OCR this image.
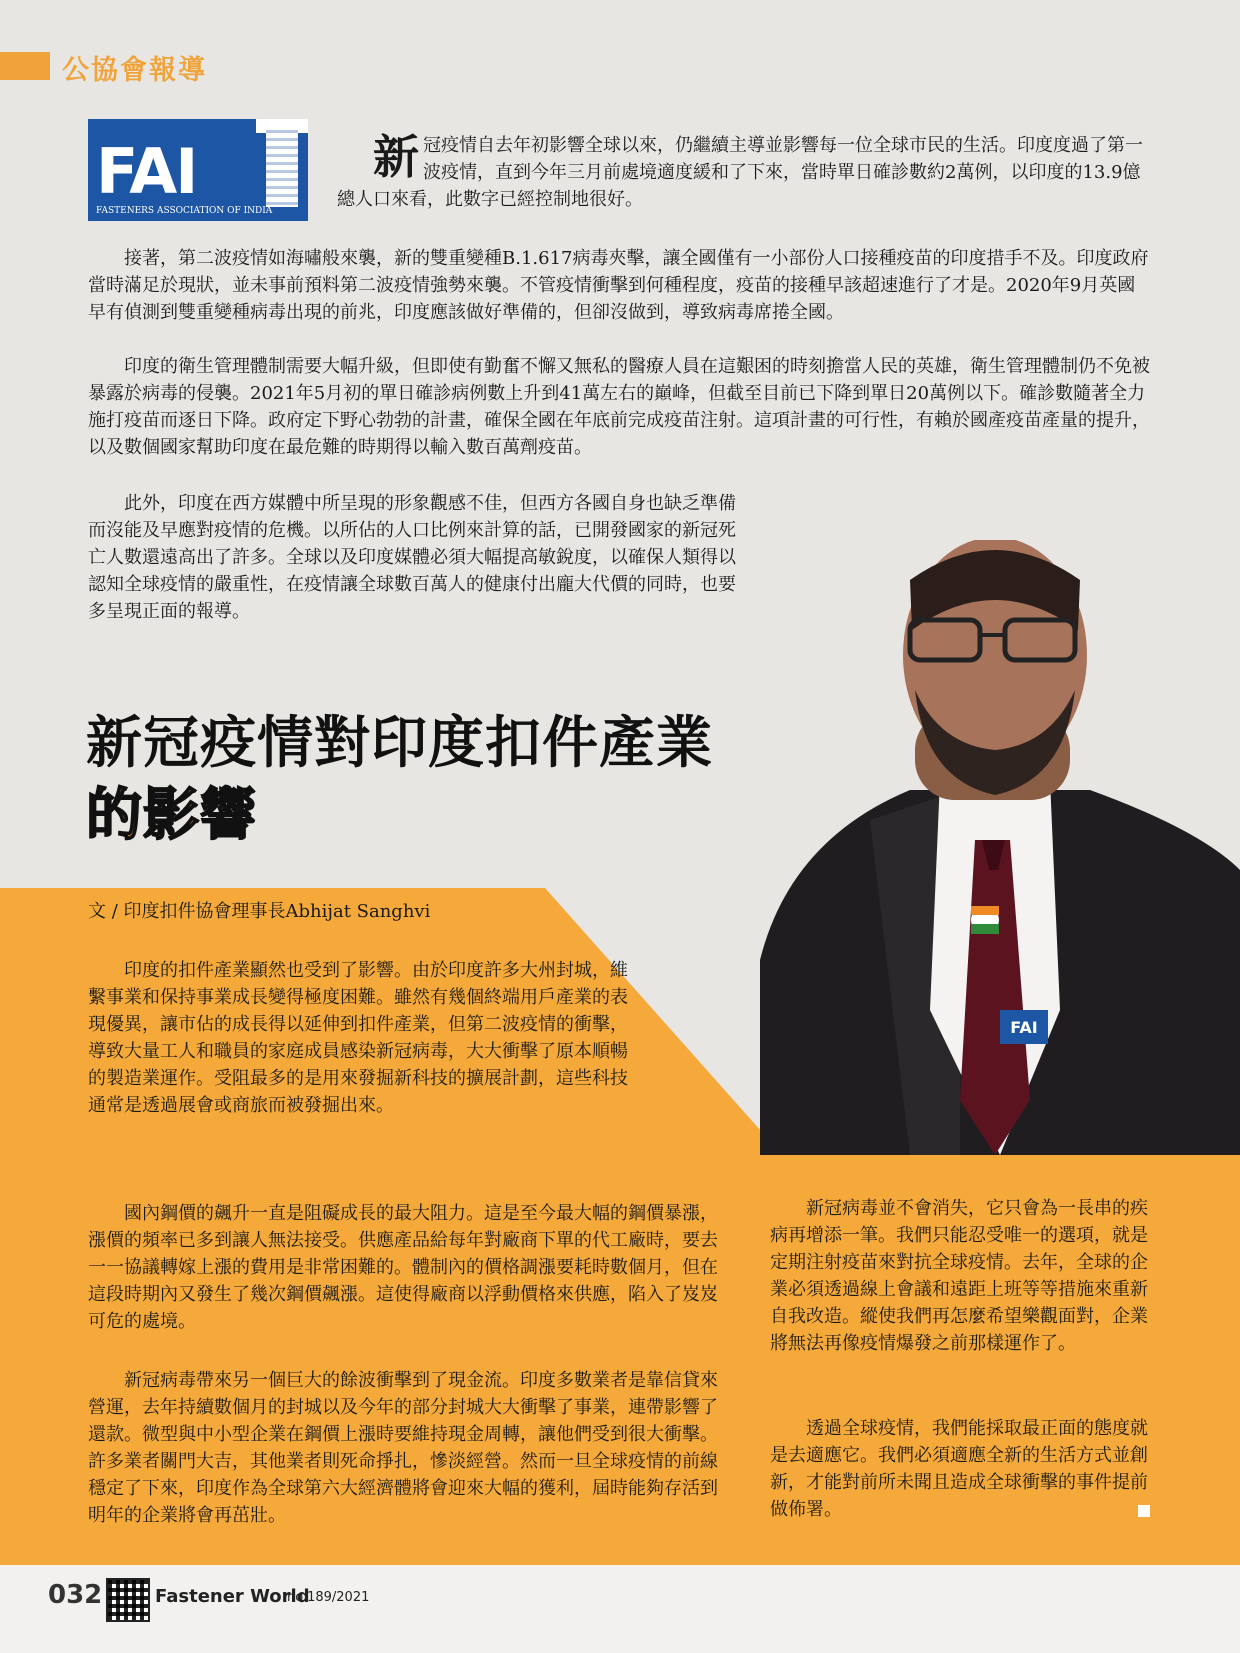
公協會報導
FAI
FASTENERS ASSOCIATION OF INDIA
新 冠疫情自去年初影響全球以來，仍繼續主導並影響每一位全球市民的生活。印度度過了第一波疫情，直到今年三月前處境適度緩和了下來，當時單日確診數約2萬例，以印度的13.9億總人口來看，此數字已經控制地很好。

接著，第二波疫情如海嘯般來襲，新的雙重變種B.1.617病毒夾擊，讓全國僅有一小部份人口接種疫苗的印度措手不及。印度政府當時滿足於現狀，並未事前預料第二波疫情強勢來襲。不管疫情衝擊到何種程度，疫苗的接種早該超速進行了才是。2020年9月英國早有偵測到雙重變種病毒出現的前兆，印度應該做好準備的，但卻沒做到，導致病毒席捲全國。

印度的衛生管理體制需要大幅升級，但即使有勤奮不懈又無私的醫療人員在這艱困的時刻擔當人民的英雄，衛生管理體制仍不免被暴露於病毒的侵襲。2021年5月初的單日確診病例數上升到41萬左右的巔峰，但截至目前已下降到單日20萬例以下。確診數隨著全力施打疫苗而逐日下降。政府定下野心勃勃的計畫，確保全國在年底前完成疫苗注射。這項計畫的可行性，有賴於國產疫苗產量的提升，以及數個國家幫助印度在最危難的時期得以輸入數百萬劑疫苗。

此外，印度在西方媒體中所呈現的形象觀感不佳，但西方各國自身也缺乏準備而沒能及早應對疫情的危機。以所佔的人口比例來計算的話，已開發國家的新冠死亡人數還遠高出了許多。全球以及印度媒體必須大幅提高敏銳度，以確保人類得以認知全球疫情的嚴重性，在疫情讓全球數百萬人的健康付出龐大代價的同時，也要多呈現正面的報導。

FAI
新冠疫情對印度扣件產業
的影響
文 / 印度扣件協會理事長Abhijat Sanghvi

印度的扣件產業顯然也受到了影響。由於印度許多大州封城，維繫事業和保持事業成長變得極度困難。雖然有幾個終端用戶產業的表現優異，讓市佔的成長得以延伸到扣件產業，但第二波疫情的衝擊，導致大量工人和職員的家庭成員感染新冠病毒，大大衝擊了原本順暢的製造業運作。受阻最多的是用來發掘新科技的擴展計劃，這些科技通常是透過展會或商旅而被發掘出來。

國內鋼價的飆升一直是阻礙成長的最大阻力。這是至今最大幅的鋼價暴漲，漲價的頻率已多到讓人無法接受。供應產品給每年對廠商下單的代工廠時，要去一一協議轉嫁上漲的費用是非常困難的。體制內的價格調漲要耗時數個月，但在這段時期內又發生了幾次鋼價飆漲。這使得廠商以浮動價格來供應，陷入了岌岌可危的處境。

新冠病毒帶來另一個巨大的餘波衝擊到了現金流。印度多數業者是靠信貸來營運，去年持續數個月的封城以及今年的部分封城大大衝擊了事業，連帶影響了還款。微型與中小型企業在鋼價上漲時要維持現金周轉，讓他們受到很大衝擊。許多業者關門大吉，其他業者則死命掙扎，慘淡經營。然而一旦全球疫情的前線穩定了下來，印度作為全球第六大經濟體將會迎來大幅的獲利，屆時能夠存活到明年的企業將會再茁壯。

新冠病毒並不會消失，它只會為一長串的疾病再增添一筆。我們只能忍受唯一的選項，就是定期注射疫苗來對抗全球疫情。去年，全球的企業必須透過線上會議和遠距上班等等措施來重新自我改造。縱使我們再怎麼希望樂觀面對，企業將無法再像疫情爆發之前那樣運作了。

透過全球疫情，我們能採取最正面的態度就是去適應它。我們必須適應全新的生活方式並創新，才能對前所未聞且造成全球衝擊的事件提前做佈署。

032	Fastener World
no.189/2021
